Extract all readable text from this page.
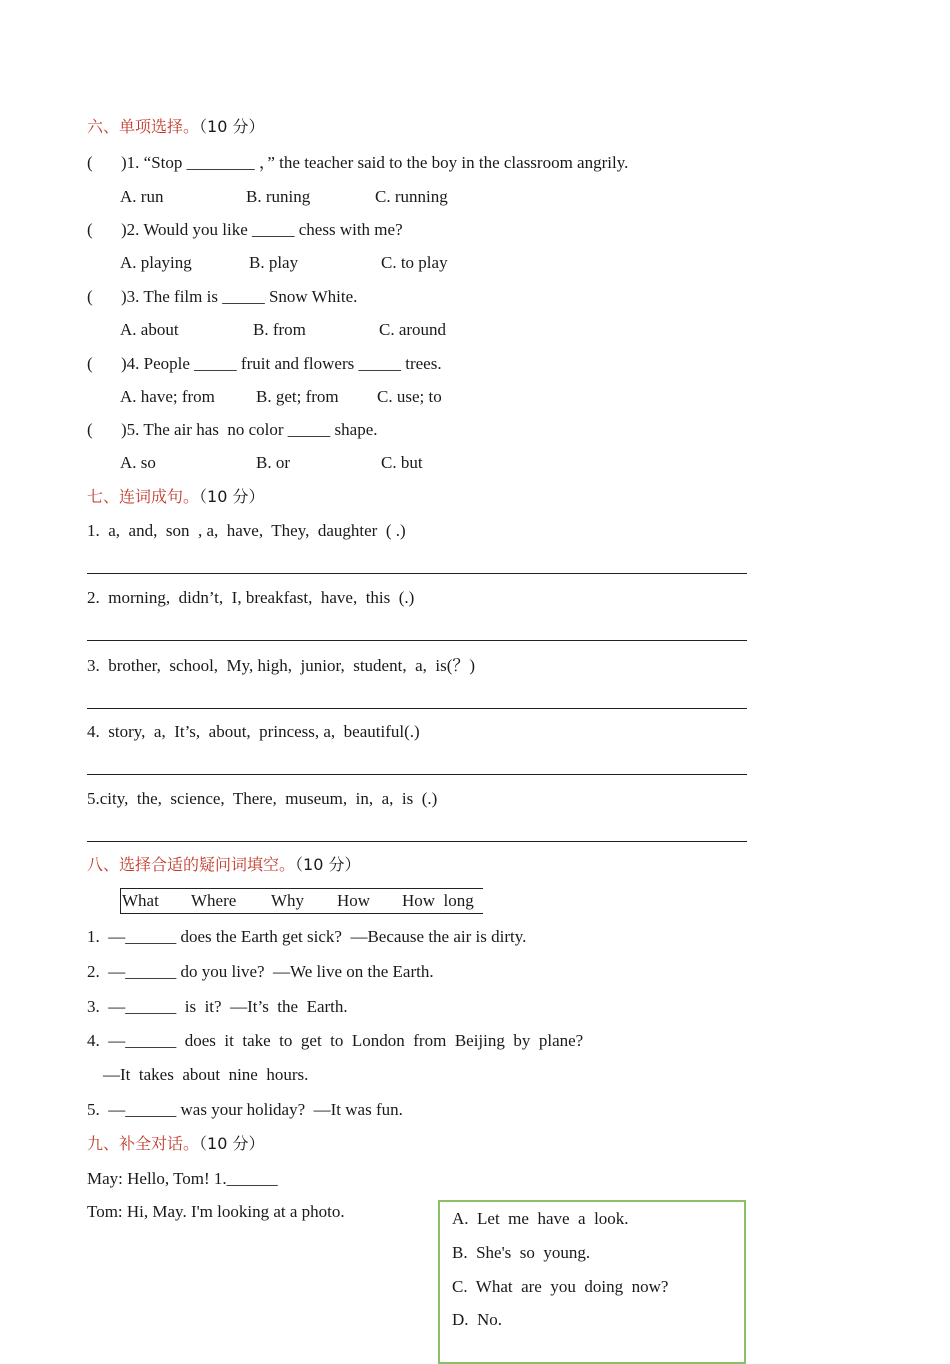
六、单项选择。（10 分）
( )1. “Stop ________ ，” the teacher said to the boy in the classroom angrily.
A. run	B. runing	C. running
( )2. Would you like _____ chess with me?
A. playing	B. play	C. to play
( )3. The film is _____ Snow White.
A. about	B. from	C. around
( )4. People _____ fruit and flowers _____ trees.
A. have; from B. get; from C. use; to
( )5. The air has  no color _____ shape.
A. so	B. or	C. but
七、连词成句。（10 分）
1.  a,  and,  son  , a,  have,  They,  daughter  ( .)
2.  morning,  didn’t,  I, breakfast,  have,  this  (.)
3.  brother,  school,  My, high,  junior,  student,  a,  is(？)
4.  story,  a,  It’s,  about,  princess, a,  beautiful(.)
5.city,  the,  science,  There,  museum,  in,  a,  is  (.)
八、选择合适的疑问词填空。（10 分）
What Where Why How How  long
1.  —______ does the Earth get sick?  —Because the air is dirty.
2.  —______ do you live?  —We live on the Earth.
3.  —______  is  it?  —It’s  the  Earth.
4.  —______  does  it  take  to  get  to  London  from  Beijing  by  plane?
—It  takes  about  nine  hours.
5.  —______ was your holiday?  —It was fun.
九、补全对话。（10 分）
May: Hello, Tom! 1.______
Tom: Hi, May. I'm looking at a photo.	A.  Let  me  have  a  look.
B.  She's  so  young.
C.  What  are  you  doing  now?
D.  No.
